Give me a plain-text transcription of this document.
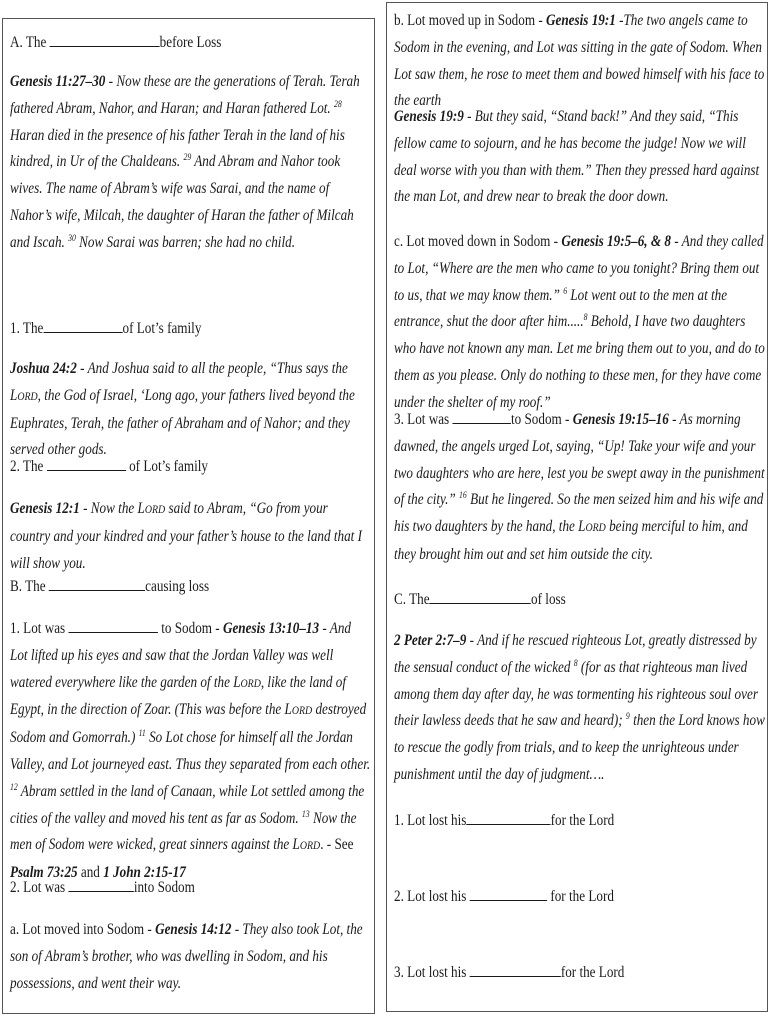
A. The	before Loss
Genesis 11:27–30 - Now these are the generations of Terah. Terah fathered Abram, Nahor, and Haran; and Haran fathered Lot. $^{28}$ Haran died in the presence of his father Terah in the land of his kindred, in Ur of the Chaldeans. $^{29}$ And Abram and Nahor took wives. The name of Abram’s wife was Sarai, and the name of Nahor’s wife, Milcah, the daughter of Haran the father of Milcah and Iscah. $^{30}$ Now Sarai was barren; she had no child.
1. The	of Lot’s family
Joshua 24:2 - And Joshua said to all the people, “Thus says the LORD, the God of Israel, ‘Long ago, your fathers lived beyond the Euphrates, Terah, the father of Abraham and of Nahor; and they served other gods.
2. The	of Lot’s family
Genesis 12:1 - Now the LORD said to Abram, “Go from your country and your kindred and your father’s house to the land that I will show you.
B. The	causing loss
1. Lot was	to Sodom - Genesis 13:10–13 - And Lot lifted up his eyes and saw that the Jordan Valley was well watered everywhere like the garden of the LORD, like the land of Egypt, in the direction of Zoar. (This was before the LORD destroyed Sodom and Gomorrah.) $^{11}$ So Lot chose for himself all the Jordan Valley, and Lot journeyed east. Thus they separated from each other. $^{12}$ Abram settled in the land of Canaan, while Lot settled among the cities of the valley and moved his tent as far as Sodom. $^{13}$ Now the men of Sodom were wicked, great sinners against the LORD. - See Psalm 73:25 and 1 John 2:15-17
2. Lot was	into Sodom
a. Lot moved into Sodom - Genesis 14:12 - They also took Lot, the son of Abram’s brother, who was dwelling in Sodom, and his possessions, and went their way.
b. Lot moved up in Sodom - Genesis 19:1 -The two angels came to Sodom in the evening, and Lot was sitting in the gate of Sodom. When Lot saw them, he rose to meet them and bowed himself with his face to the earth
Genesis 19:9 - But they said, “Stand back!” And they said, “This fellow came to sojourn, and he has become the judge! Now we will deal worse with you than with them.” Then they pressed hard against the man Lot, and drew near to break the door down.
c. Lot moved down in Sodom - Genesis 19:5–6, & 8 - And they called to Lot, “Where are the men who came to you tonight? Bring them out to us, that we may know them.” $^6$ Lot went out to the men at the entrance, shut the door after him.....$^8$ Behold, I have two daughters who have not known any man. Let me bring them out to you, and do to them as you please. Only do nothing to these men, for they have come under the shelter of my roof.”
3. Lot was	to Sodom - Genesis 19:15–16 - As morning dawned, the angels urged Lot, saying, “Up! Take your wife and your two daughters who are here, lest you be swept away in the punishment of the city.” $^{16}$ But he lingered. So the men seized him and his wife and his two daughters by the hand, the LORD being merciful to him, and they brought him out and set him outside the city.
C. The	of loss
2 Peter 2:7–9 - And if he rescued righteous Lot, greatly distressed by the sensual conduct of the wicked $^8$ (for as that righteous man lived among them day after day, he was tormenting his righteous soul over their lawless deeds that he saw and heard); $^9$ then the Lord knows how to rescue the godly from trials, and to keep the unrighteous under punishment until the day of judgment….
1. Lot lost his	for the Lord
2. Lot lost his	for the Lord
3. Lot lost his	for the Lord
